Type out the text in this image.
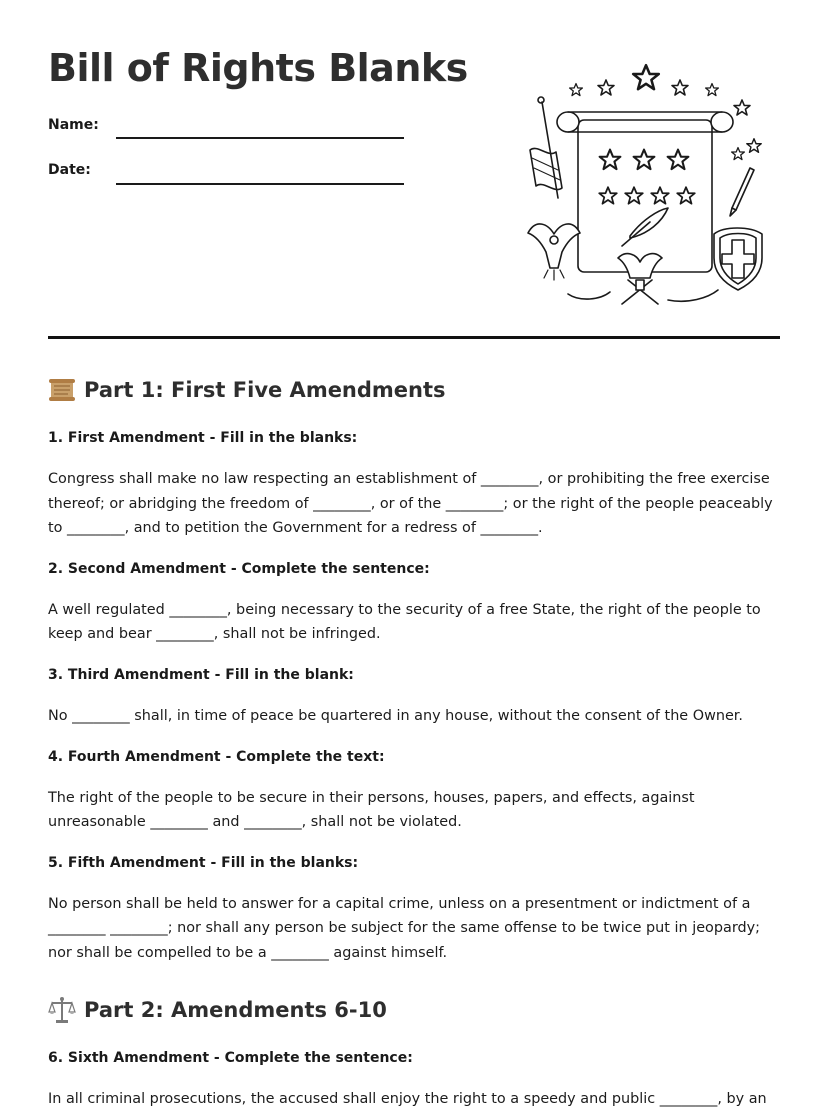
Bill of Rights Blanks
Name:
Date:
Part 1: First Five Amendments
1. First Amendment - Fill in the blanks:

Congress shall make no law respecting an establishment of ________, or prohibiting the free exercise thereof; or abridging the freedom of ________, or of the ________; or the right of the people peaceably to ________, and to petition the Government for a redress of ________.

2. Second Amendment - Complete the sentence:

A well regulated ________, being necessary to the security of a free State, the right of the people to keep and bear ________, shall not be infringed.

3. Third Amendment - Fill in the blank:

No ________ shall, in time of peace be quartered in any house, without the consent of the Owner.

4. Fourth Amendment - Complete the text:

The right of the people to be secure in their persons, houses, papers, and effects, against unreasonable ________ and ________, shall not be violated.

5. Fifth Amendment - Fill in the blanks:

No person shall be held to answer for a capital crime, unless on a presentment or indictment of a ________ ________; nor shall any person be subject for the same offense to be twice put in jeopardy; nor shall be compelled to be a ________ against himself.

Part 2: Amendments 6-10
6. Sixth Amendment - Complete the sentence:

In all criminal prosecutions, the accused shall enjoy the right to a speedy and public ________, by an
